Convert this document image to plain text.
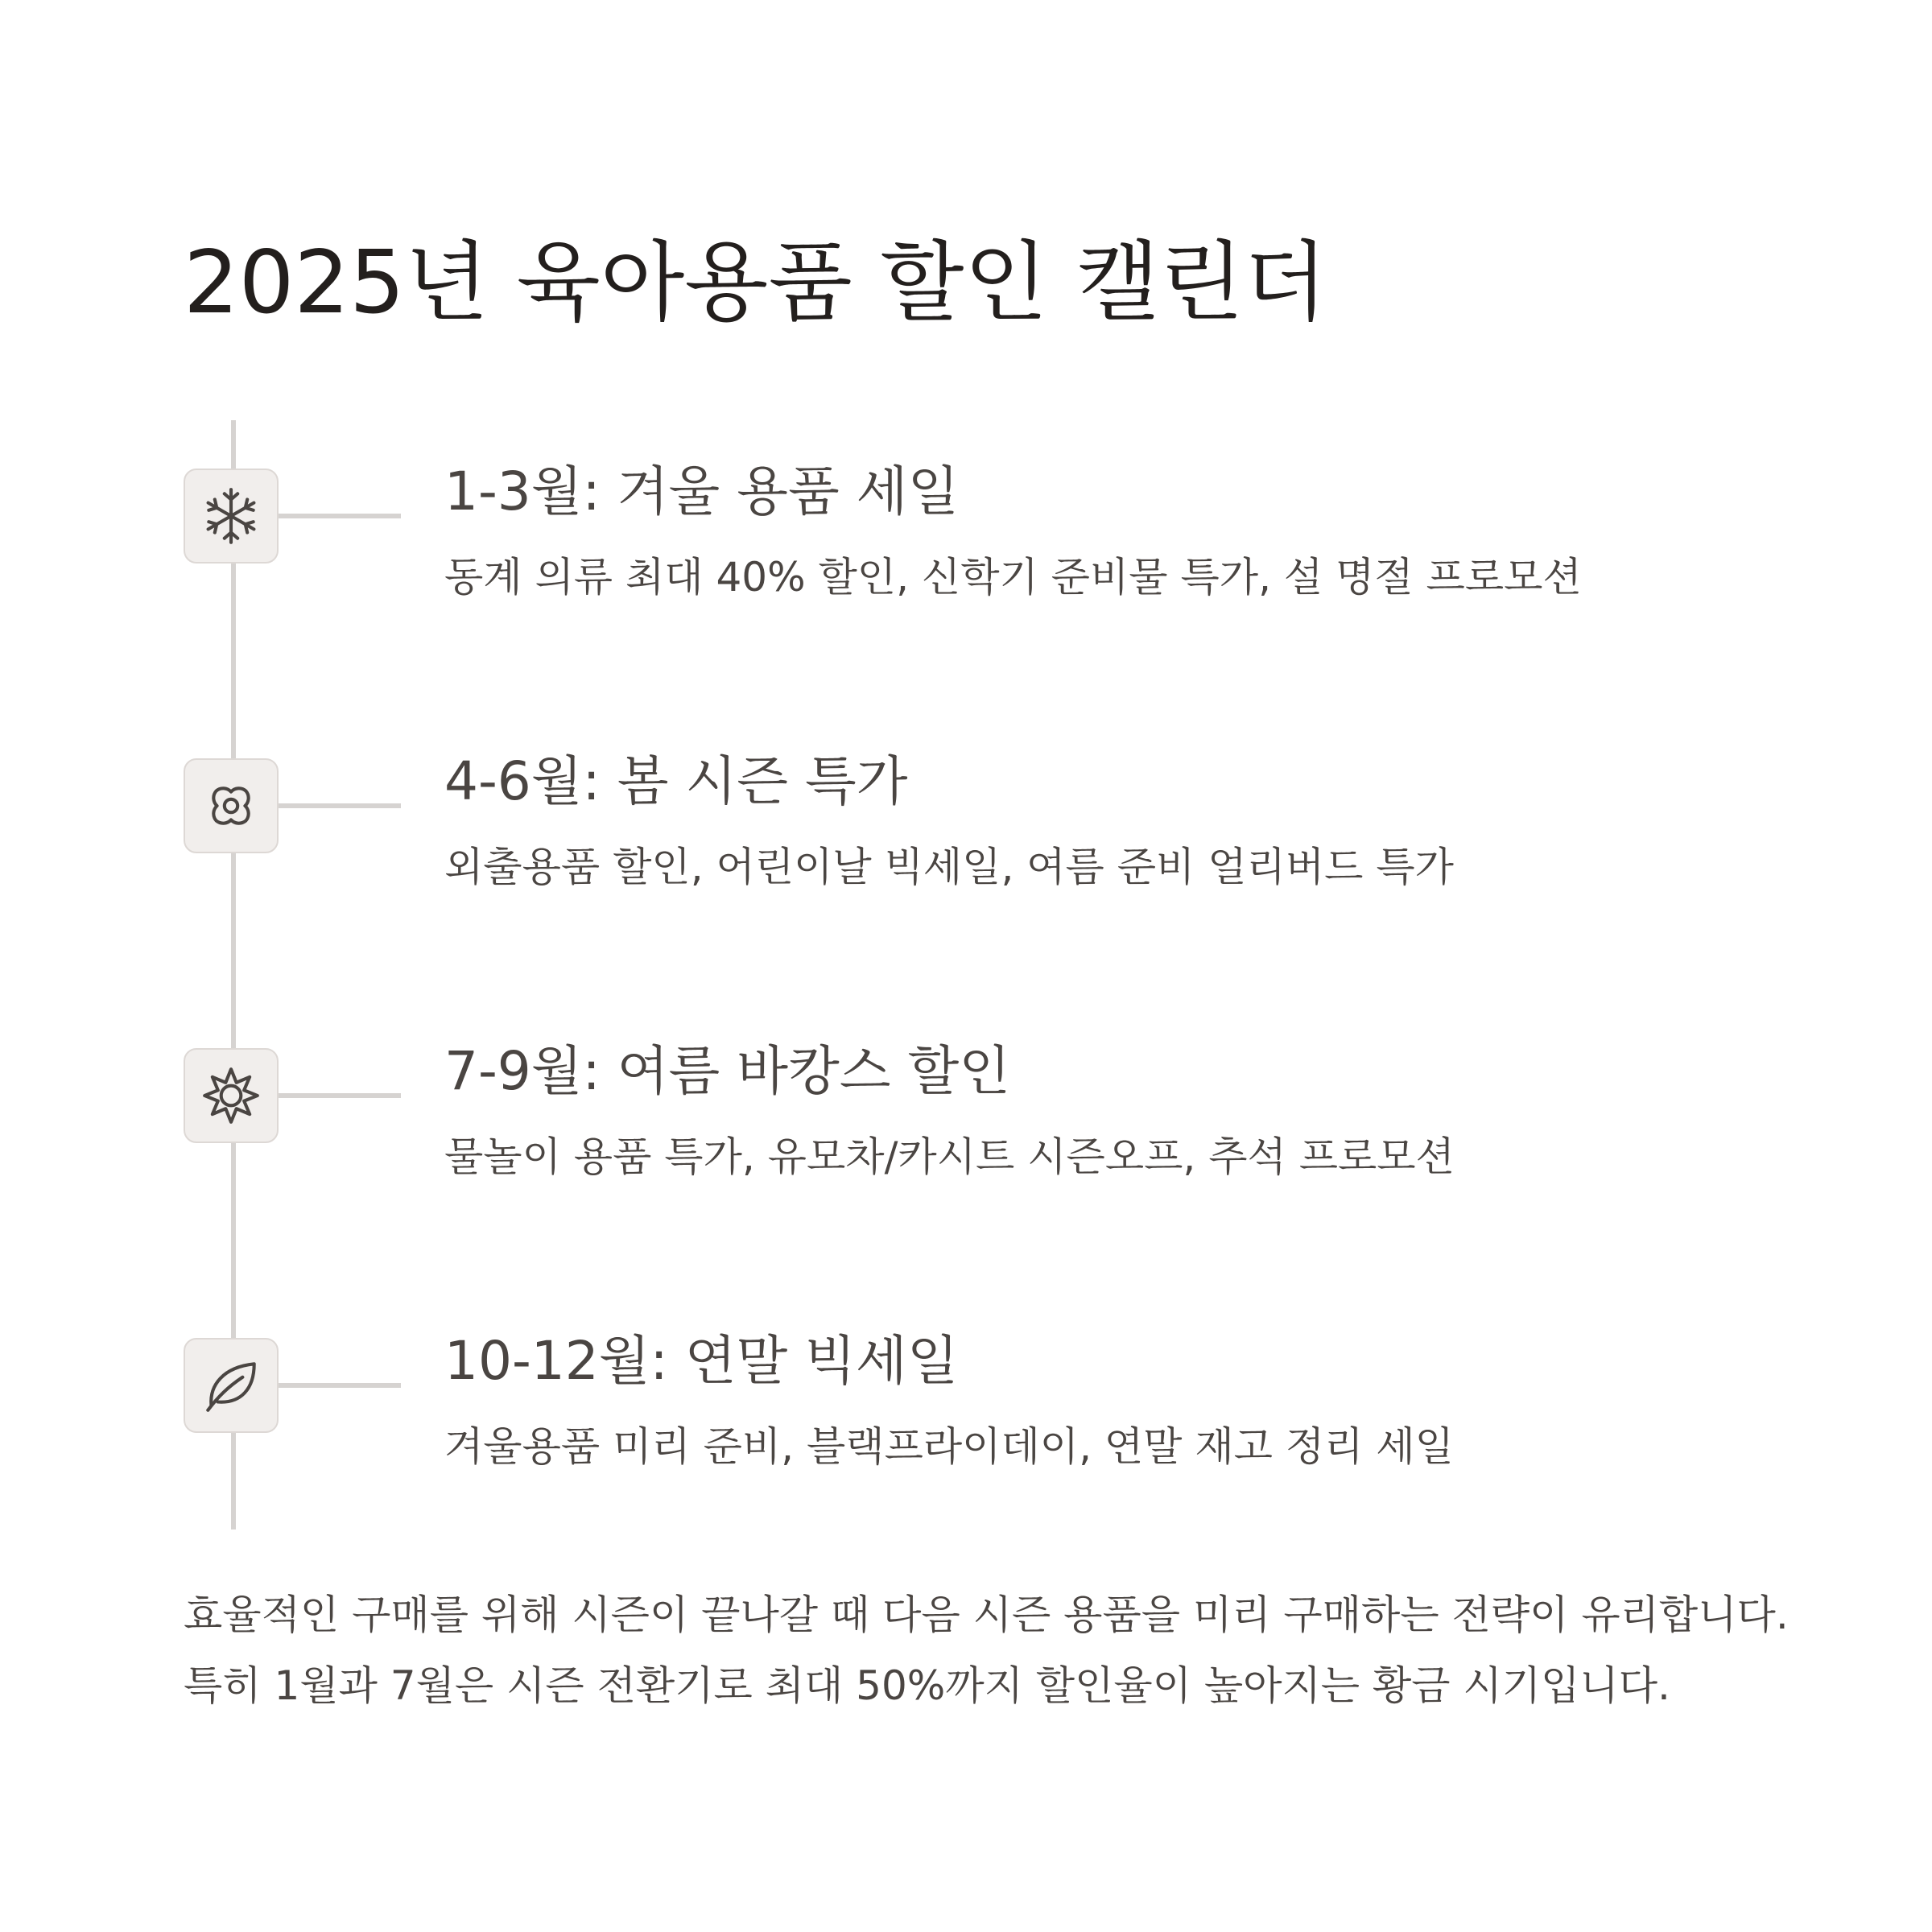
2025년 육아용품 할인 캘린더
1-3월: 겨울 용품 세일
동계 의류 최대 40% 할인, 신학기 준비물 특가, 설 명절 프로모션
4-6월: 봄 시즌 특가
외출용품 할인, 어린이날 빅세일, 여름 준비 얼리버드 특가
7-9월: 여름 바캉스 할인
물놀이 용품 특가, 유모차/카시트 시즌오프, 추석 프로모션
10-12월: 연말 빅세일
겨울용품 미리 준비, 블랙프라이데이, 연말 재고 정리 세일

효율적인 구매를 위해 시즌이 끝나갈 때 다음 시즌 용품을 미리 구매하는 전략이 유리합니다. 특히 1월과 7월은 시즌 전환기로 최대 50%까지 할인율이 높아지는 황금 시기입니다.
